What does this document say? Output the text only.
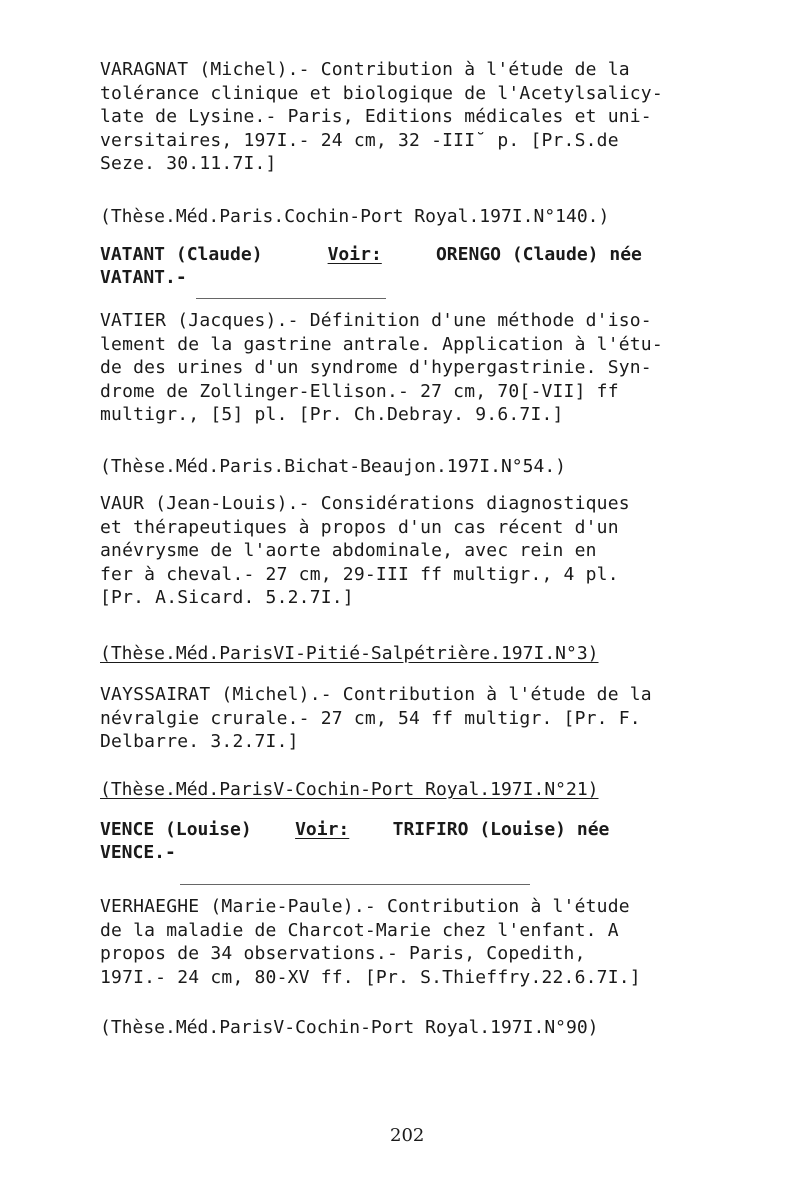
VARAGNAT (Michel).- Contribution à l'étude de la
tolérance clinique et biologique de l'Acetylsalicy-
late de Lysine.- Paris, Editions médicales et uni-
versitaires, 197I.- 24 cm, 32 -III˘ p. [Pr.S.de
Seze. 30.11.7I.]

(Thèse.Méd.Paris.Cochin-Port Royal.197I.N°140.)
VATANT (Claude)	Voir:	ORENGO (Claude) née
VATANT.-

VATIER (Jacques).- Définition d'une méthode d'iso-
lement de la gastrine antrale. Application à l'étu-
de des urines d'un syndrome d'hypergastrinie. Syn-
drome de Zollinger-Ellison.- 27 cm, 70[-VII] ff
multigr., [5] pl. [Pr. Ch.Debray. 9.6.7I.]

(Thèse.Méd.Paris.Bichat-Beaujon.197I.N°54.)

VAUR (Jean-Louis).- Considérations diagnostiques
et thérapeutiques à propos d'un cas récent d'un
anévrysme de l'aorte abdominale, avec rein en
fer à cheval.- 27 cm, 29-III ff multigr., 4 pl.
[Pr. A.Sicard. 5.2.7I.]

(Thèse.Méd.ParisVI-Pitié-Salpétrière.197I.N°3)

VAYSSAIRAT (Michel).- Contribution à l'étude de la
névralgie crurale.- 27 cm, 54 ff multigr. [Pr. F.
Delbarre. 3.2.7I.]

(Thèse.Méd.ParisV-Cochin-Port Royal.197I.N°21)
VENCE (Louise) Voir: TRIFIRO (Louise) née
VENCE.-

VERHAEGHE (Marie-Paule).- Contribution à l'étude
de la maladie de Charcot-Marie chez l'enfant. A
propos de 34 observations.- Paris, Copedith,
197I.- 24 cm, 80-XV ff. [Pr. S.Thieffry.22.6.7I.]

(Thèse.Méd.ParisV-Cochin-Port Royal.197I.N°90)
202
